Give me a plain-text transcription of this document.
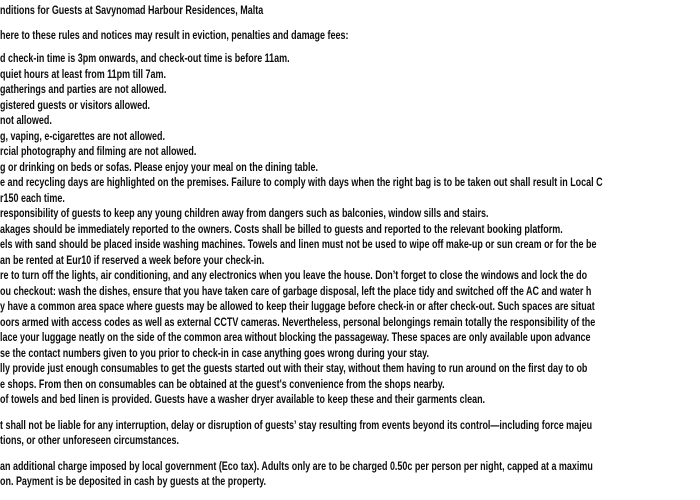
nditions for Guests at Savynomad Harbour Residences, Malta
here to these rules and notices may result in eviction, penalties and damage fees:
d check-in time is 3pm onwards, and check-out time is before 11am.
quiet hours at least from 11pm till 7am.
gatherings and parties are not allowed.
gistered guests or visitors allowed.
not allowed.
g, vaping, e-cigarettes are not allowed.
rcial photography and filming are not allowed.
g or drinking on beds or sofas. Please enjoy your meal on the dining table.
e and recycling days are highlighted on the premises. Failure to comply with days when the right bag is to be taken out shall result in Local C
r150 each time.
responsibility of guests to keep any young children away from dangers such as balconies, window sills and stairs.
akages should be immediately reported to the owners. Costs shall be billed to guests and reported to the relevant booking platform.
els with sand should be placed inside washing machines. Towels and linen must not be used to wipe off make-up or sun cream or for the be
an be rented at Eur10 if reserved a week before your check-in.
re to turn off the lights, air conditioning, and any electronics when you leave the house. Don’t forget to close the windows and lock the do
ou checkout: wash the dishes, ensure that you have taken care of garbage disposal, left the place tidy and switched off the AC and water h
y have a common area space where guests may be allowed to keep their luggage before check-in or after check-out. Such spaces are situat
oors armed with access codes as well as external CCTV cameras. Nevertheless, personal belongings remain totally the responsibility of the
lace your luggage neatly on the side of the common area without blocking the passageway. These spaces are only available upon advance
se the contact numbers given to you prior to check-in in case anything goes wrong during your stay.
lly provide just enough consumables to get the guests started out with their stay, without them having to run around on the first day to ob
e shops. From then on consumables can be obtained at the guest's convenience from the shops nearby.
of towels and bed linen is provided. Guests have a washer dryer available to keep these and their garments clean.
t shall not be liable for any interruption, delay or disruption of guests’ stay resulting from events beyond its control—including force majeu
tions, or other unforeseen circumstances.
an additional charge imposed by local government (Eco tax). Adults only are to be charged 0.50c per person per night, capped at a maximu
on. Payment is be deposited in cash by guests at the property.
